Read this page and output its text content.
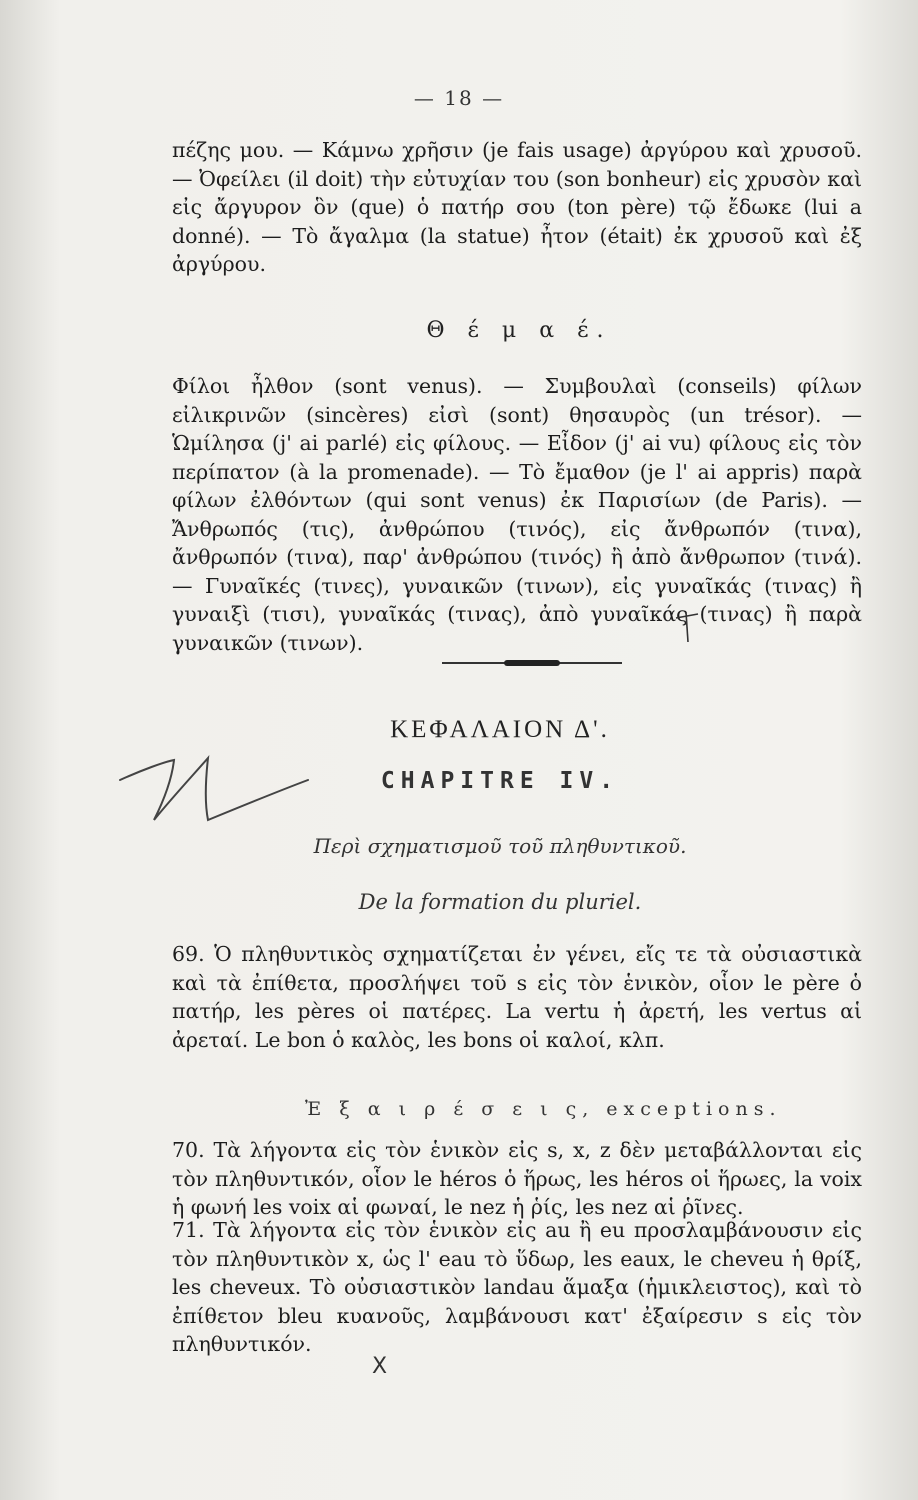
— 18 —
πέζης μου. — Κάμνω χρῆσιν (je fais usage) ἀργύρου καὶ χρυσοῦ. — Ὀφείλει (il doit) τὴν εὐτυχίαν του (son bonheur) εἰς χρυσὸν καὶ εἰς ἄργυρον ὃν (que) ὁ πατήρ σου (ton père) τῷ ἔδωκε (lui a donné). — Τὸ ἄγαλμα (la statue) ἦτον (était) ἐκ χρυσοῦ καὶ ἐξ ἀργύρου.
Θ έ μ α έ.
Φίλοι ἦλθον (sont venus). — Συμβουλαὶ (conseils) φίλων εἰλικρινῶν (sincères) εἰσὶ (sont) θησαυρὸς (un trésor). — Ὡμίλησα (j' ai parlé) εἰς φίλους. — Εἶδον (j' ai vu) φίλους εἰς τὸν περίπατον (à la promenade). — Τὸ ἔμαθον (je l' ai appris) παρὰ φίλων ἐλθόντων (qui sont venus) ἐκ Παρισίων (de Paris). — Ἄνθρωπός (τις), ἀνθρώπου (τινός), εἰς ἄνθρωπόν (τινα), ἄνθρωπόν (τινα), παρ' ἀνθρώπου (τινός) ἢ ἀπὸ ἄνθρωπον (τινά). — Γυναῖκές (τινες), γυναικῶν (τινων), εἰς γυναῖκάς (τινας) ἢ γυναιξὶ (τισι), γυναῖκάς (τινας), ἀπὸ γυναῖκάς (τινας) ἢ παρὰ γυναικῶν (τινων).
ΚΕΦΑΛΑΙΟΝ Δ'.
CHAPITRE IV.
Περὶ σχηματισμοῦ τοῦ πληθυντικοῦ.
De la formation du pluriel.
69. Ὁ πληθυντικὸς σχηματίζεται ἐν γένει, εἴς τε τὰ οὐσιαστικὰ καὶ τὰ ἐπίθετα, προσλήψει τοῦ s εἰς τὸν ἑνικὸν, οἷον le père ὁ πατήρ, les pères οἱ πατέρες. La vertu ἡ ἀρετή, les vertus αἱ ἀρεταί. Le bon ὁ καλὸς, les bons οἱ καλοί, κλπ.
Ἐ ξ α ι ρ έ σ ε ι ς, exceptions.
70. Τὰ λήγοντα εἰς τὸν ἑνικὸν εἰς s, x, z δὲν μεταβάλλονται εἰς τὸν πληθυντικόν, οἷον le héros ὁ ἥρως, les héros οἱ ἥρωες, la voix ἡ φωνή les voix αἱ φωναί, le nez ἡ ῥίς, les nez αἱ ῥῖνες.
71. Τὰ λήγοντα εἰς τὸν ἑνικὸν εἰς au ἢ eu προσλαμβάνουσιν εἰς τὸν πληθυντικὸν x, ὡς l' eau τὸ ὕδωρ, les eaux, le cheveu ἡ θρίξ, les cheveux. Τὸ οὐσιαστικὸν landau ἅμαξα (ἡμικλειστος), καὶ τὸ ἐπίθετον bleu κυανοῦς, λαμβάνουσι κατ' ἐξαίρεσιν s εἰς τὸν πληθυντικόν.
X
